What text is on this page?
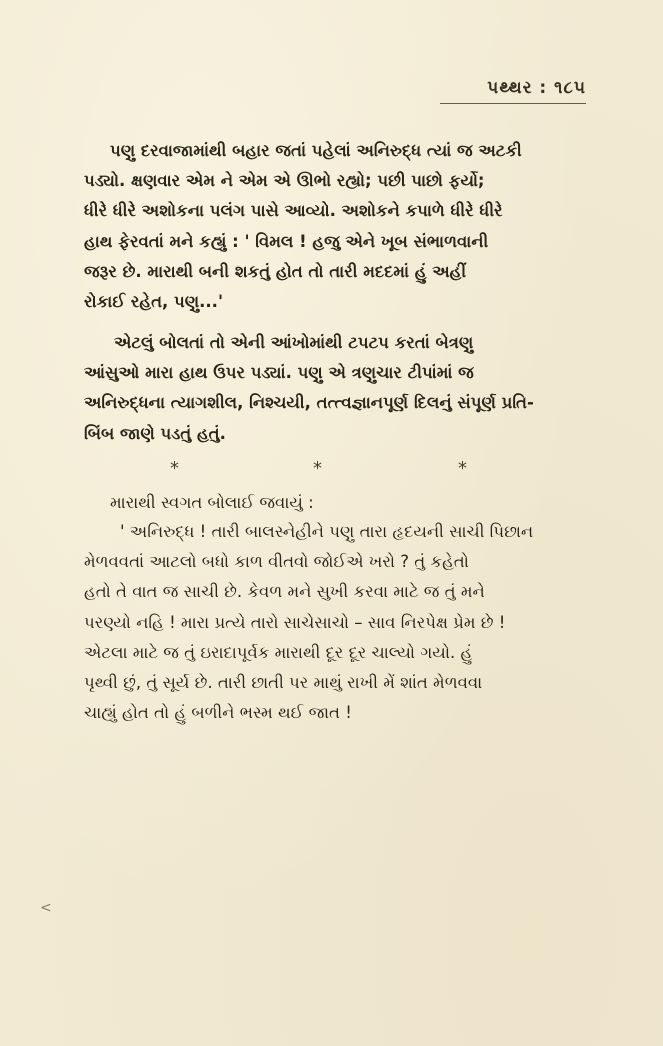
પથ્થર : ૧૮૫
પણુ દરવાજામાંથી બહાર જતાં પહેલાં અનિરુદ્ધ ત્યાં જ અટકી
પડ્યો. ક્ષણવાર એમ ને એમ એ ઊભો રહ્યો; પછી પાછો ફર્યો;
ધીરે ધીરે અશોકના પલંગ પાસે આવ્યો. અશોકને કપાળે ધીરે ધીરે
હાથ ફેરવતાં મને કહ્યું : ' વિમલ ! હજુ એને ખૂબ સંભાળવાની
જરૂર છે. મારાથી બની શકતું હોત તો તારી મદદમાં હું અહીં
રોકાઈ રહેત, પણુ...'
એટલું બોલતાં તો એની આંખોમાંથી ટપટપ કરતાં બેત્રણુ
આંસુઓ મારા હાથ ઉપર પડ્યાં. પણુ એ ત્રણુચાર ટીપાંમાં જ
અનિરુદ્ધના ત્યાગશીલ, નિશ્ચયી, તત્ત્વજ્ઞાનપૂર્ણ દિલનું સંપૂર્ણ પ્રતિ-
બિંબ જાણે પડતું હતું.
*	*	*
મારાથી સ્વગત બોલાઈ જવાયું :
' અનિરુદ્ધ ! તારી બાલસ્નેહીને પણુ તારા હૃદયની સાચી પિછાન
મેળવવતાં આટલો બધો કાળ વીતવો જોઈએ ખરો ? તું કહેતો
હતો તે વાત જ સાચી છે. કેવળ મને સુખી કરવા માટે જ તું મને
પરણ્યો નહિ ! મારા પ્રત્યે તારો સાચેસાચો – સાવ નિરપેક્ષ પ્રેમ છે !
એટલા માટે જ તું ઇરાદાપૂર્વક મારાથી દૂર દૂર ચાલ્યો ગયો. હું
પૃથ્વી છું, તું સૂર્ય છે. તારી છાતી પર માથું રાખી મેં શાંત મેળવવા
ચાહ્યું હોત તો હું બળીને ભસ્મ થઈ જાત !
<
